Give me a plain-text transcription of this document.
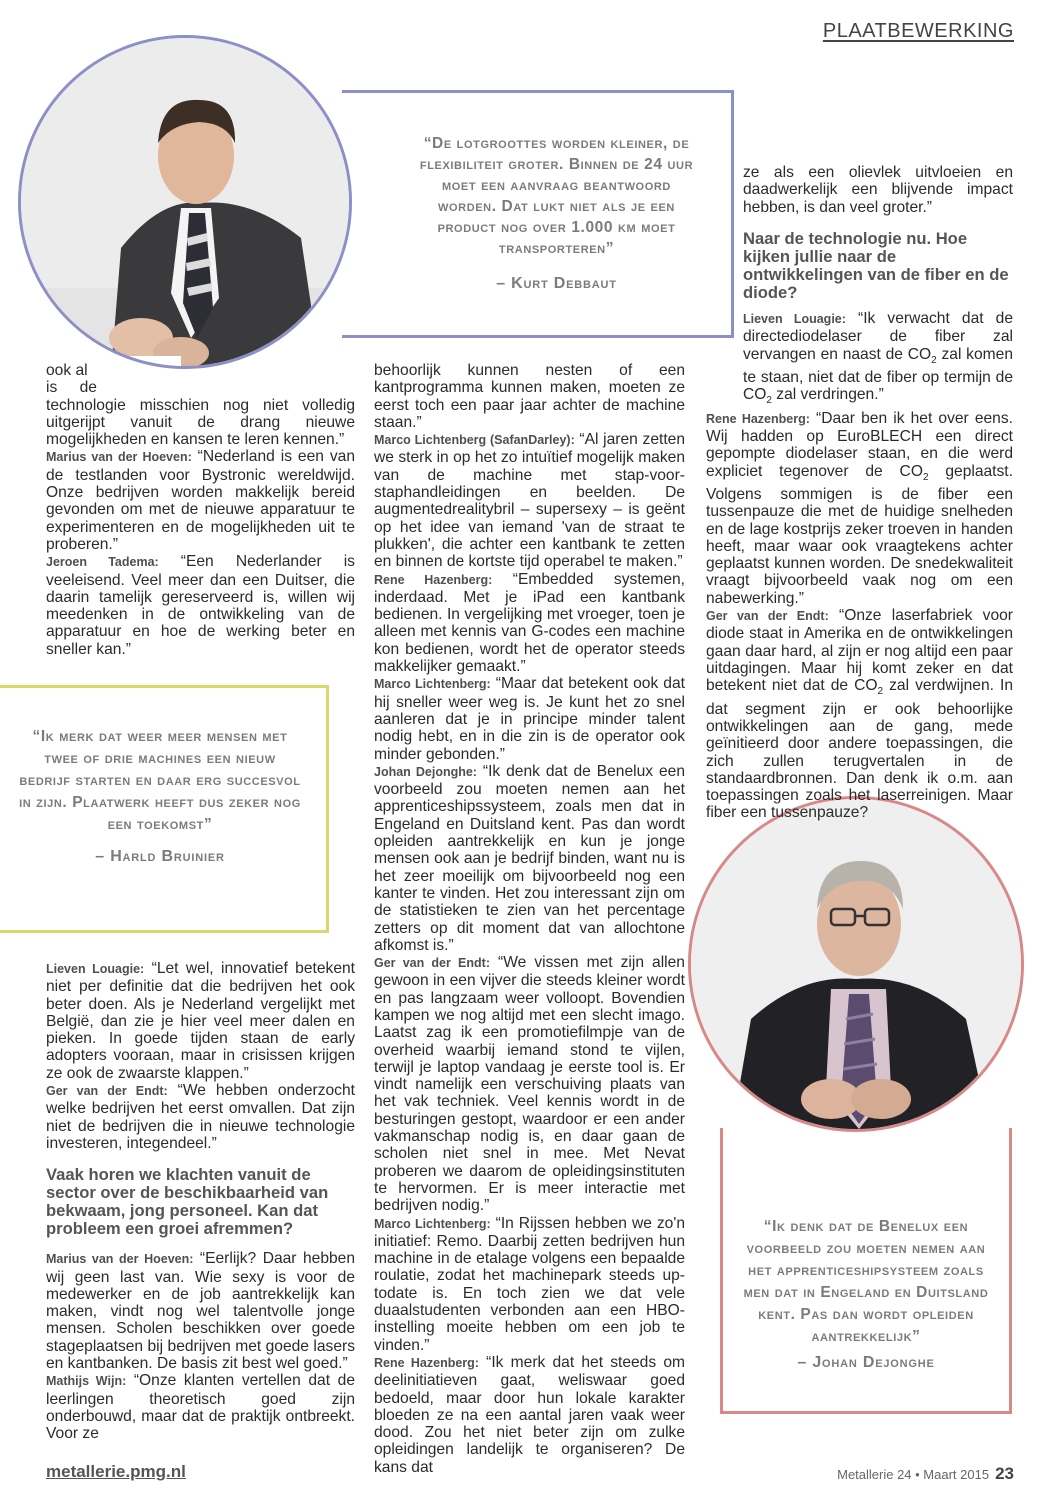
PLAATBEWERKING
“De lotgroottes worden kleiner, de flexibiliteit groter. Binnen de 24 uur moet een aanvraag beantwoord worden. Dat lukt niet als je een product nog over 1.000 km moet transporteren”
– Kurt Debbaut
“Ik merk dat weer meer mensen met twee of drie machines een nieuw bedrijf starten en daar erg succesvol in zijn. Plaatwerk heeft dus zeker nog een toekomst”
– Harld Bruinier
“Ik denk dat de Benelux een voorbeeld zou moeten nemen aan het apprenticeshipsysteem zoals men dat in Engeland en Duitsland kent. Pas dan wordt opleiden aantrekkelijk”
– Johan Dejonghe

ook al

is de

technologie misschien nog niet volledig uitgerijpt vanuit de drang nieuwe mogelijkheden en kansen te leren kennen.”

Marius van der Hoeven: “Nederland is een van de testlanden voor Bystronic wereldwijd. Onze bedrijven worden makkelijk bereid gevonden om met de nieuwe apparatuur te experimenteren en de mogelijkheden uit te proberen.”

Jeroen Tadema: “Een Nederlander is veeleisend. Veel meer dan een Duitser, die daarin tamelijk gereserveerd is, willen wij meedenken in de ontwikkeling van de apparatuur en hoe de werking beter en sneller kan.”

Lieven Louagie: “Let wel, innovatief betekent niet per definitie dat die bedrijven het ook beter doen. Als je Nederland vergelijkt met België, dan zie je hier veel meer dalen en pieken. In goede tijden staan de early adopters vooraan, maar in crisissen krijgen ze ook de zwaarste klappen.”

Ger van der Endt: “We hebben onderzocht welke bedrijven het eerst omvallen. Dat zijn niet de bedrijven die in nieuwe technologie investeren, integendeel.”

Vaak horen we klachten vanuit de sector over de beschikbaarheid van bekwaam, jong personeel. Kan dat probleem een groei afremmen?

Marius van der Hoeven: “Eerlijk? Daar hebben wij geen last van. Wie sexy is voor de medewerker en de job aantrekkelijk kan maken, vindt nog wel talentvolle jonge mensen. Scholen beschikken over goede stageplaatsen bij bedrijven met goede lasers en kantbanken. De basis zit best wel goed.”

Mathijs Wijn: “Onze klanten vertellen dat de leerlingen theoretisch goed zijn onderbouwd, maar dat de praktijk ontbreekt. Voor ze

behoorlijk kunnen nesten of een kantprogramma kunnen maken, moeten ze eerst toch een paar jaar achter de machine staan.”

Marco Lichtenberg (SafanDarley): “Al jaren zetten we sterk in op het zo intuïtief mogelijk maken van de machine met stap-voor-staphandleidingen en beelden. De augmentedrealitybril – supersexy – is geënt op het idee van iemand 'van de straat te plukken', die achter een kantbank te zetten en binnen de kortste tijd operabel te maken.”

Rene Hazenberg: “Embedded systemen, inderdaad. Met je iPad een kantbank bedienen. In vergelijking met vroeger, toen je alleen met kennis van G-codes een machine kon bedienen, wordt het de operator steeds makkelijker gemaakt.”

Marco Lichtenberg: “Maar dat betekent ook dat hij sneller weer weg is. Je kunt het zo snel aanleren dat je in principe minder talent nodig hebt, en in die zin is de operator ook minder gebonden.”

Johan Dejonghe: “Ik denk dat de Benelux een voorbeeld zou moeten nemen aan het apprenticeshipssysteem, zoals men dat in Engeland en Duitsland kent. Pas dan wordt opleiden aantrekkelijk en kun je jonge mensen ook aan je bedrijf binden, want nu is het zeer moeilijk om bijvoorbeeld nog een kanter te vinden. Het zou interessant zijn om de statistieken te zien van het percentage zetters op dit moment dat van allochtone afkomst is.”

Ger van der Endt: “We vissen met zijn allen gewoon in een vijver die steeds kleiner wordt en pas langzaam weer volloopt. Bovendien kampen we nog altijd met een slecht imago. Laatst zag ik een promotiefilmpje van de overheid waarbij iemand stond te vijlen, terwijl je laptop vandaag je eerste tool is. Er vindt namelijk een verschuiving plaats van het vak techniek. Veel kennis wordt in de besturingen gestopt, waardoor er een ander vakmanschap nodig is, en daar gaan de scholen niet snel in mee. Met Nevat proberen we daarom de opleidingsinstituten te hervormen. Er is meer interactie met bedrijven nodig.”

Marco Lichtenberg: “In Rijssen hebben we zo'n initiatief: Remo. Daarbij zetten bedrijven hun machine in de etalage volgens een bepaalde roulatie, zodat het machinepark steeds up-todate is. En toch zien we dat vele duaalstudenten verbonden aan een HBO-instelling moeite hebben om een job te vinden.”

Rene Hazenberg: “Ik merk dat het steeds om deelinitiatieven gaat, weliswaar goed bedoeld, maar door hun lokale karakter bloeden ze na een aantal jaren vaak weer dood. Zou het niet beter zijn om zulke opleidingen landelijk te organiseren? De kans dat

ze als een olievlek uitvloeien en daadwerkelijk een blijvende impact hebben, is dan veel groter.”

Naar de technologie nu. Hoe kijken jullie naar de ontwikkelingen van de fiber en de diode?

Lieven Louagie: “Ik verwacht dat de directediodelaser de fiber zal vervangen en naast de $CO_2$ zal komen te staan, niet dat de fiber op termijn de $CO_2$ zal verdringen.”

Rene Hazenberg: “Daar ben ik het over eens. Wij hadden op EuroBLECH een direct gepompte diodelaser staan, en die werd expliciet tegenover de $CO_2$ geplaatst. Volgens sommigen is de fiber een tussenpauze die met de huidige snelheden en de lage kostprijs zeker troeven in handen heeft, maar waar ook vraagtekens achter geplaatst kunnen worden. De snedekwaliteit vraagt bijvoorbeeld vaak nog om een nabewerking.”

Ger van der Endt: “Onze laserfabriek voor diode staat in Amerika en de ontwikkelingen gaan daar hard, al zijn er nog altijd een paar uitdagingen. Maar hij komt zeker en dat betekent niet dat de $CO_2$ zal verdwijnen. In dat segment zijn er ook behoorlijke ontwikkelingen aan de gang, mede geïnitieerd door andere toepassingen, die zich zullen terugvertalen in de standaardbronnen. Dan denk ik o.m. aan toepassingen zoals het laserreinigen. Maar fiber een tussenpauze?

metallerie.pmg.nl	Metallerie 24 • Maart 2015 23
